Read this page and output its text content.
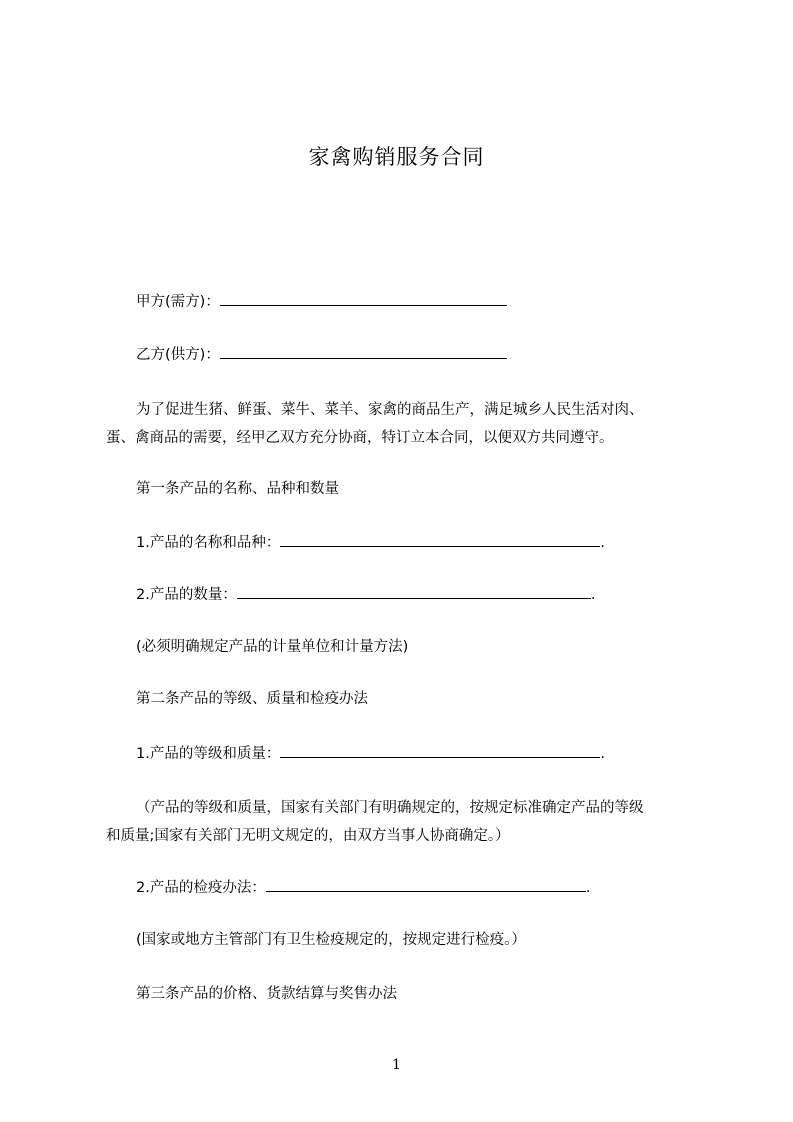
家禽购销服务合同
甲方(需方)：
乙方(供方)：
为了促进生猪、鲜蛋、菜牛、菜羊、家禽的商品生产，满足城乡人民生活对肉、
蛋、禽商品的需要，经甲乙双方充分协商，特订立本合同，以便双方共同遵守。
第一条产品的名称、品种和数量
1.产品的名称和品种：	.
2.产品的数量：	.
(必须明确规定产品的计量单位和计量方法)
第二条产品的等级、质量和检疫办法
1.产品的等级和质量：	.
（产品的等级和质量，国家有关部门有明确规定的，按规定标准确定产品的等级
和质量;国家有关部门无明文规定的，由双方当事人协商确定。）
2.产品的检疫办法：	.
(国家或地方主管部门有卫生检疫规定的，按规定进行检疫。）
第三条产品的价格、货款结算与奖售办法
1
